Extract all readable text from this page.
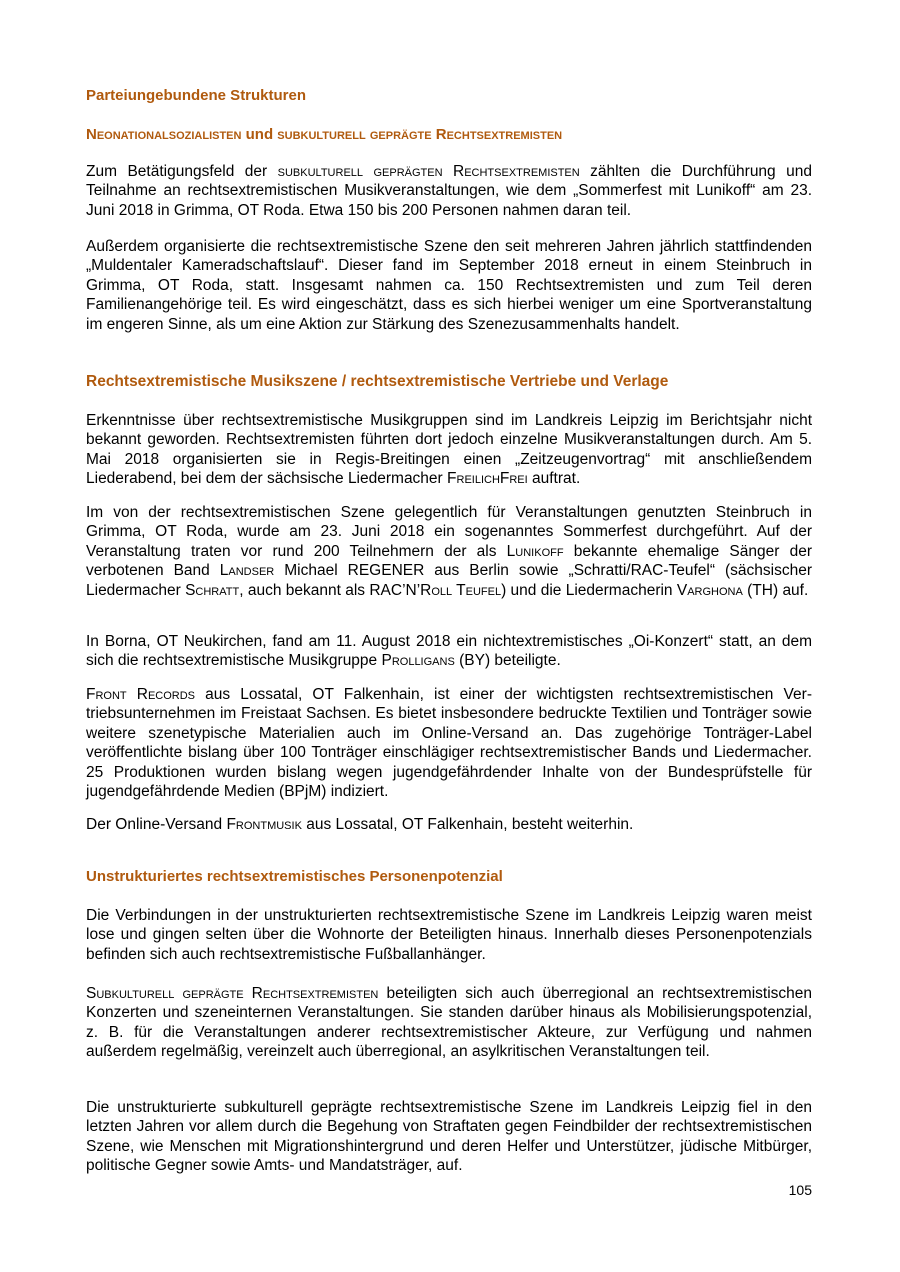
Parteiungebundene Strukturen
Neonationalsozialisten und subkulturell geprägte Rechtsextremisten

Zum Betätigungsfeld der subkulturell geprägten Rechtsextremisten zählten die Durchführung und Teilnahme an rechtsextremistischen Musikveranstaltungen, wie dem „Sommerfest mit Lunikoff“ am 23. Juni 2018 in Grimma, OT Roda. Etwa 150 bis 200 Personen nahmen daran teil.

Außerdem organisierte die rechtsextremistische Szene den seit mehreren Jahren jährlich stattfindenden „Muldentaler Kameradschaftslauf“. Dieser fand im September 2018 erneut in einem Steinbruch in Grimma, OT Roda, statt. Insgesamt nahmen ca. 150 Rechtsextremisten und zum Teil deren Familienangehörige teil. Es wird eingeschätzt, dass es sich hierbei weniger um eine Sportveranstaltung im engeren Sinne, als um eine Aktion zur Stärkung des Szenezusammenhalts handelt.

Rechtsextremistische Musikszene / rechtsextremistische Vertriebe und Verlage

Erkenntnisse über rechtsextremistische Musikgruppen sind im Landkreis Leipzig im Berichtsjahr nicht bekannt geworden. Rechtsextremisten führten dort jedoch einzelne Musikveranstaltungen durch. Am 5. Mai 2018 organisierten sie in Regis-Breitingen einen „Zeitzeugenvortrag“ mit anschließendem Liederabend, bei dem der sächsische Liedermacher FreilichFrei auftrat.

Im von der rechtsextremistischen Szene gelegentlich für Veranstaltungen genutzten Steinbruch in Grimma, OT Roda, wurde am 23. Juni 2018 ein sogenanntes Sommerfest durchgeführt. Auf der Veranstaltung traten vor rund 200 Teilnehmern der als Lunikoff bekannte ehemalige Sänger der verbotenen Band Landser Michael REGENER aus Berlin sowie „Schratti/RAC-Teufel“ (sächsischer Liedermacher Schratt, auch bekannt als RAC’N’Roll Teufel) und die Liedermacherin Varghona (TH) auf.

In Borna, OT Neukirchen, fand am 11. August 2018 ein nichtextremistisches „Oi-Konzert“ statt, an dem sich die rechtsextremistische Musikgruppe Prolligans (BY) beteiligte.

Front Records aus Lossatal, OT Falkenhain, ist einer der wichtigsten rechtsextremistischen Vertriebsunternehmen im Freistaat Sachsen. Es bietet insbesondere bedruckte Textilien und Tonträger sowie weitere szenetypische Materialien auch im Online-Versand an. Das zugehörige Tonträger-Label veröffentlichte bislang über 100 Tonträger einschlägiger rechtsextremistischer Bands und Liedermacher. 25 Produktionen wurden bislang wegen jugendgefährdender Inhalte von der Bundesprüfstelle für jugendgefährdende Medien (BPjM) indiziert.

Der Online-Versand Frontmusik aus Lossatal, OT Falkenhain, besteht weiterhin.

Unstrukturiertes rechtsextremistisches Personenpotenzial

Die Verbindungen in der unstrukturierten rechtsextremistische Szene im Landkreis Leipzig waren meist lose und gingen selten über die Wohnorte der Beteiligten hinaus. Innerhalb dieses Personenpotenzials befinden sich auch rechtsextremistische Fußballanhänger.

Subkulturell geprägte Rechtsextremisten beteiligten sich auch überregional an rechtsextremistischen Konzerten und szeneinternen Veranstaltungen. Sie standen darüber hinaus als Mobilisierungspotenzial, z. B. für die Veranstaltungen anderer rechtsextremistischer Akteure, zur Verfügung und nahmen außerdem regelmäßig, vereinzelt auch überregional, an asylkritischen Veranstaltungen teil.

Die unstrukturierte subkulturell geprägte rechtsextremistische Szene im Landkreis Leipzig fiel in den letzten Jahren vor allem durch die Begehung von Straftaten gegen Feindbilder der rechtsextremistischen Szene, wie Menschen mit Migrationshintergrund und deren Helfer und Unterstützer, jüdische Mitbürger, politische Gegner sowie Amts- und Mandatsträger, auf.

105
